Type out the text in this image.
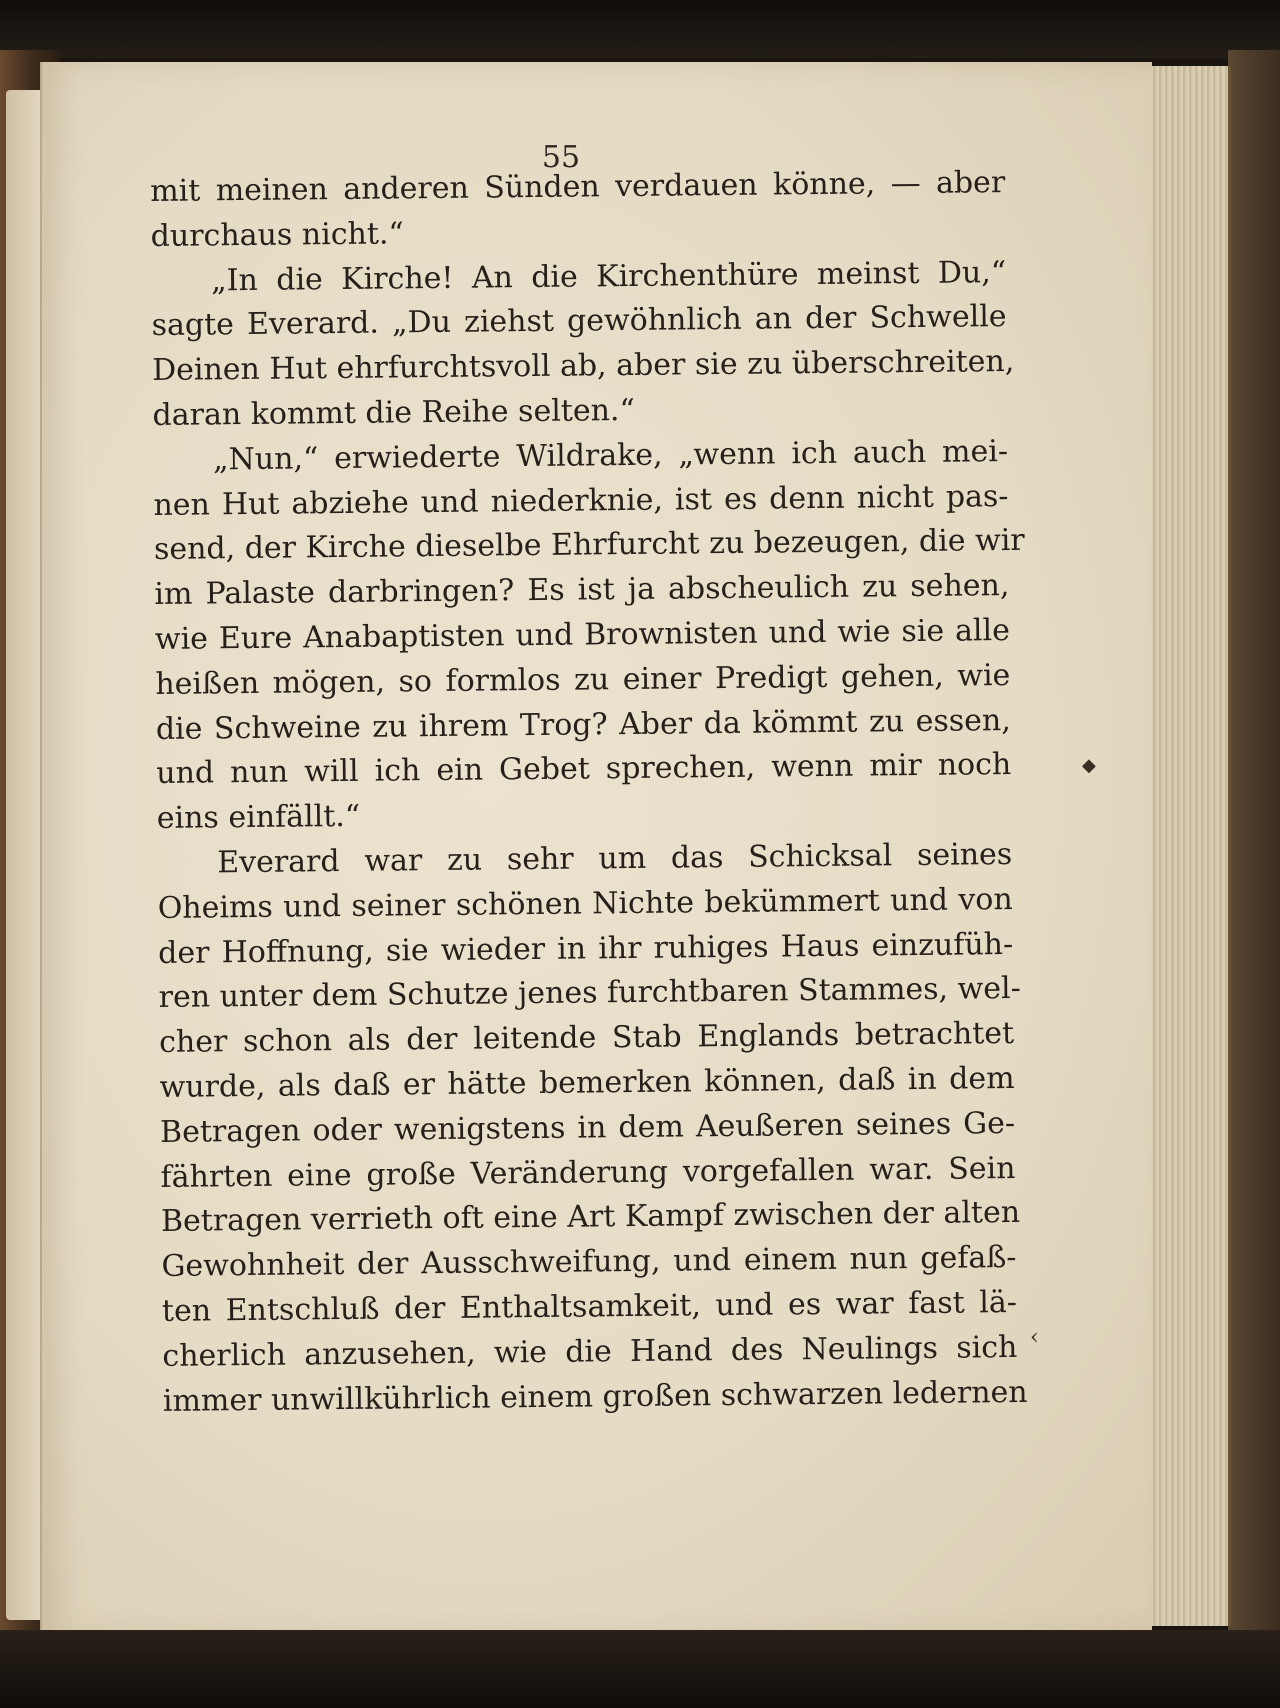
55
mit meinen anderen Sünden verdauen könne, — aber
durchaus nicht.“
„In die Kirche! An die Kirchenthüre meinst Du,“
sagte Everard. „Du ziehst gewöhnlich an der Schwelle
Deinen Hut ehrfurchtsvoll ab, aber sie zu überschreiten,
daran kommt die Reihe selten.“
„Nun,“ erwiederte Wildrake, „wenn ich auch mei-
nen Hut abziehe und niederknie, ist es denn nicht pas-
send, der Kirche dieselbe Ehrfurcht zu bezeugen, die wir
im Palaste darbringen? Es ist ja abscheulich zu sehen,
wie Eure Anabaptisten und Brownisten und wie sie alle
heißen mögen, so formlos zu einer Predigt gehen, wie
die Schweine zu ihrem Trog? Aber da kömmt zu essen,
und nun will ich ein Gebet sprechen, wenn mir noch
eins einfällt.“
Everard war zu sehr um das Schicksal seines
Oheims und seiner schönen Nichte bekümmert und von
der Hoffnung, sie wieder in ihr ruhiges Haus einzufüh-
ren unter dem Schutze jenes furchtbaren Stammes, wel-
cher schon als der leitende Stab Englands betrachtet
wurde, als daß er hätte bemerken können, daß in dem
Betragen oder wenigstens in dem Aeußeren seines Ge-
fährten eine große Veränderung vorgefallen war. Sein
Betragen verrieth oft eine Art Kampf zwischen der alten
Gewohnheit der Ausschweifung, und einem nun gefaß-
ten Entschluß der Enthaltsamkeit, und es war fast lä-
cherlich anzusehen, wie die Hand des Neulings sich
immer unwillkührlich einem großen schwarzen ledernen
◆
‹
